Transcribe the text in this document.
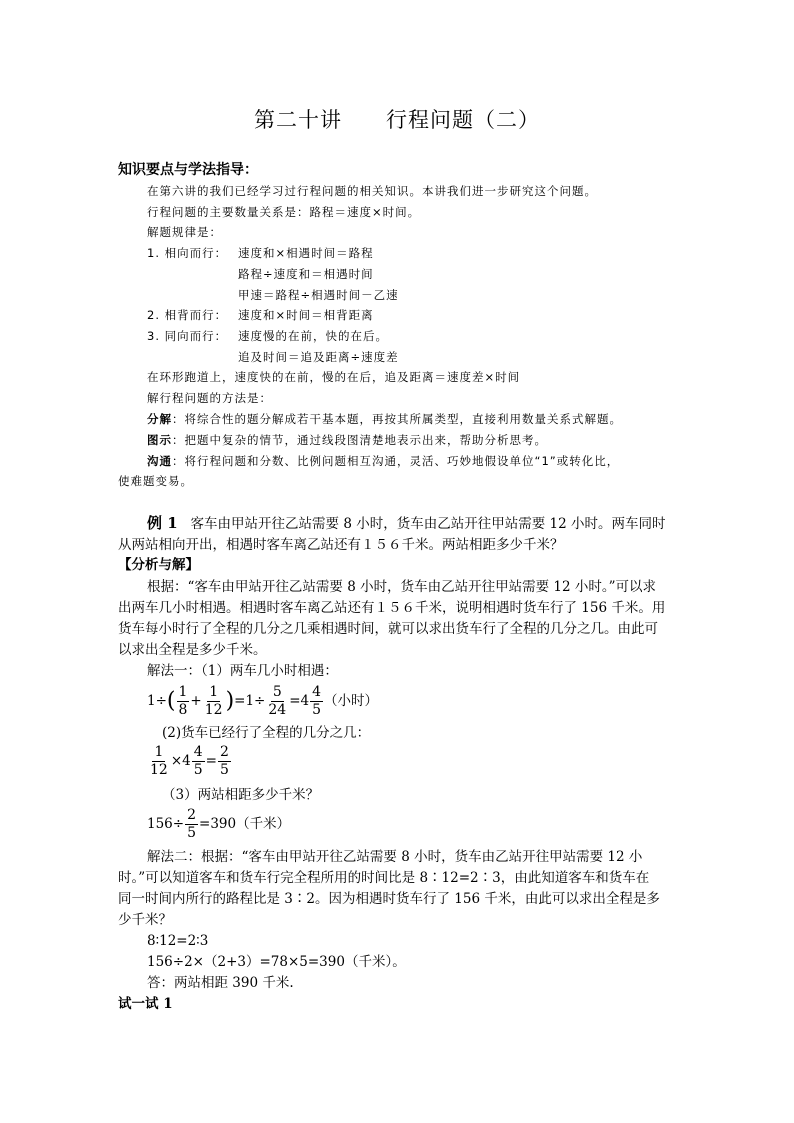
第二十讲 行程问题（二）
知识要点与学法指导：
在第六讲的我们已经学习过行程问题的相关知识。本讲我们进一步研究这个问题。
行程问题的主要数量关系是：路程＝速度×时间。
解题规律是：
1. 相向而行： 速度和×相遇时间＝路程
路程÷速度和＝相遇时间
甲速＝路程÷相遇时间－乙速
2. 相背而行： 速度和×时间＝相背距离
3. 同向而行： 速度慢的在前，快的在后。
追及时间＝追及距离÷速度差
在环形跑道上，速度快的在前，慢的在后，追及距离＝速度差×时间
解行程问题的方法是：
分解：将综合性的题分解成若干基本题，再按其所属类型，直接利用数量关系式解题。
图示：把题中复杂的情节，通过线段图清楚地表示出来，帮助分析思考。
沟通：将行程问题和分数、比例问题相互沟通，灵活、巧妙地假设单位“1”或转化比，
使难题变易。
例 1 客车由甲站开往乙站需要 8 小时，货车由乙站开往甲站需要 12 小时。两车同时
从两站相向开出，相遇时客车离乙站还有１５６千米。两站相距多少千米？
【分析与解】
根据：“客车由甲站开往乙站需要 8 小时，货车由乙站开往甲站需要 12 小时。”可以求
出两车几小时相遇。相遇时客车离乙站还有１５６千米，说明相遇时货车行了 156 千米。用
货车每小时行了全程的几分之几乘相遇时间，就可以求出货车行了全程的几分之几。由此可
以求出全程是多少千米。
解法一：（1）两车几小时相遇：
$1\div( \frac{1}{8} + \frac{1}{12} )=1\div \frac{5}{24} =4 \frac{4}{5}$ （小时）
(2)货车已经行了全程的几分之几：
$\frac{1}{12} \times 4 \frac{4}{5} = \frac{2}{5}$
（3）两站相距多少千米？
$156\div \frac{2}{5} =390$（千米）
解法二：根据：“客车由甲站开往乙站需要 8 小时，货车由乙站开往甲站需要 12 小
时。”可以知道客车和货车行完全程所用的时间比是 8∶12=2∶3，由此知道客车和货车在
同一时间内所行的路程比是 3∶2。因为相遇时货车行了 156 千米，由此可以求出全程是多
少千米？
8∶12=2∶3
156÷2×（2+3）=78×5=390（千米）。
答：两站相距 390 千米.
试一试 1
